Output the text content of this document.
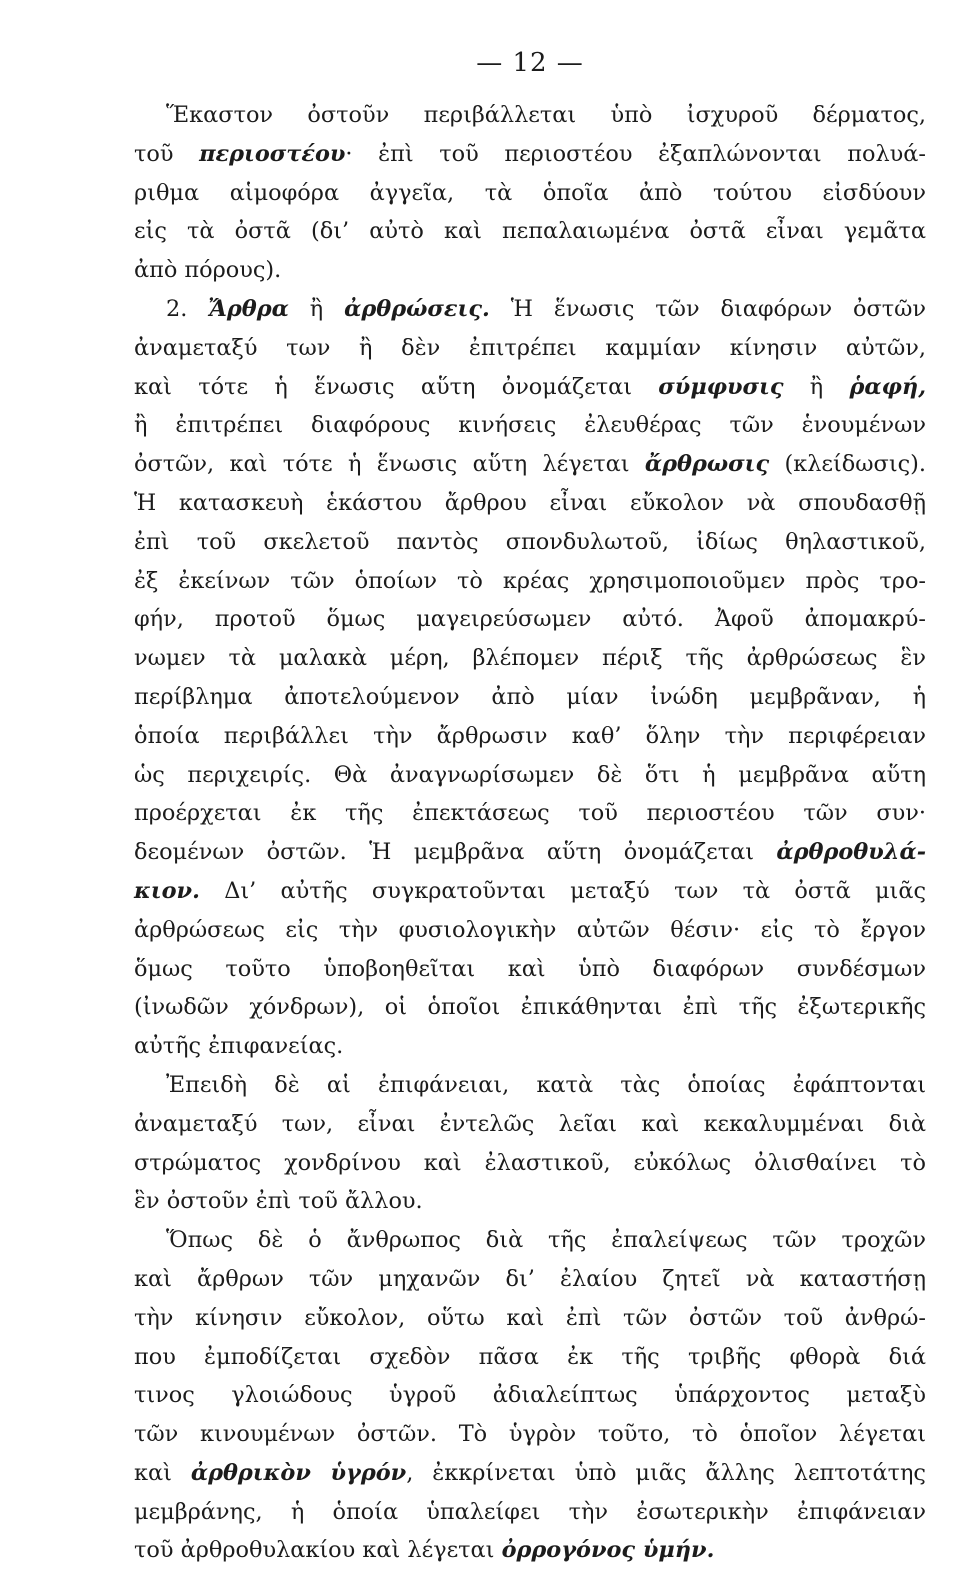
— 12 —
Ἕκαστον ὀστοῦν περιβάλλεται ὑπὸ ἰσχυροῦ δέρματος,
τοῦ περιοστέου· ἐπὶ τοῦ περιοστέου ἐξαπλώνονται πολυά-
ριθμα αἱμοφόρα ἀγγεῖα, τὰ ὁποῖα ἀπὸ τούτου εἰσδύουν
εἰς τὰ ὀστᾶ (δι’ αὐτὸ καὶ πεπαλαιωμένα ὀστᾶ εἶναι γεμᾶτα
ἀπὸ πόρους).
2. Ἄρθρα ἢ ἀρθρώσεις. Ἡ ἕνωσις τῶν διαφόρων ὀστῶν
ἀναμεταξύ των ἢ δὲν ἐπιτρέπει καμμίαν κίνησιν αὐτῶν,
καὶ τότε ἡ ἕνωσις αὕτη ὀνομάζεται σύμφυσις ἢ ῥαφή,
ἢ ἐπιτρέπει διαφόρους κινήσεις ἐλευθέρας τῶν ἑνουμένων
ὀστῶν, καὶ τότε ἡ ἕνωσις αὕτη λέγεται ἄρθρωσις (κλείδωσις).
Ἡ κατασκευὴ ἑκάστου ἄρθρου εἶναι εὔκολον νὰ σπουδασθῇ
ἐπὶ τοῦ σκελετοῦ παντὸς σπονδυλωτοῦ, ἰδίως θηλαστικοῦ,
ἐξ ἐκείνων τῶν ὁποίων τὸ κρέας χρησιμοποιοῦμεν πρὸς τρο-
φήν, προτοῦ ὅμως μαγειρεύσωμεν αὐτό. Ἀφοῦ ἀπομακρύ-
νωμεν τὰ μαλακὰ μέρη, βλέπομεν πέριξ τῆς ἀρθρώσεως ἓν
περίβλημα ἀποτελούμενον ἀπὸ μίαν ἰνώδη μεμβρᾶναν, ἡ
ὁποία περιβάλλει τὴν ἄρθρωσιν καθ’ ὅλην τὴν περιφέρειαν
ὡς περιχειρίς. Θὰ ἀναγνωρίσωμεν δὲ ὅτι ἡ μεμβρᾶνα αὕτη
προέρχεται ἐκ τῆς ἐπεκτάσεως τοῦ περιοστέου τῶν συν·
δεομένων ὀστῶν. Ἡ μεμβρᾶνα αὕτη ὀνομάζεται ἀρθροθυλά-
κιον. Δι’ αὐτῆς συγκρατοῦνται μεταξύ των τὰ ὀστᾶ μιᾶς
ἀρθρώσεως εἰς τὴν φυσιολογικὴν αὐτῶν θέσιν· εἰς τὸ ἔργον
ὅμως τοῦτο ὑποβοηθεῖται καὶ ὑπὸ διαφόρων συνδέσμων
(ἰνωδῶν χόνδρων), οἱ ὁποῖοι ἐπικάθηνται ἐπὶ τῆς ἐξωτερικῆς
αὐτῆς ἐπιφανείας.
Ἐπειδὴ δὲ αἱ ἐπιφάνειαι, κατὰ τὰς ὁποίας ἐφάπτονται
ἀναμεταξύ των, εἶναι ἐντελῶς λεῖαι καὶ κεκαλυμμέναι διὰ
στρώματος χονδρίνου καὶ ἐλαστικοῦ, εὐκόλως ὀλισθαίνει τὸ
ἓν ὀστοῦν ἐπὶ τοῦ ἄλλου.
Ὅπως δὲ ὁ ἄνθρωπος διὰ τῆς ἐπαλείψεως τῶν τροχῶν
καὶ ἄρθρων τῶν μηχανῶν δι’ ἐλαίου ζητεῖ νὰ καταστήσῃ
τὴν κίνησιν εὔκολον, οὕτω καὶ ἐπὶ τῶν ὀστῶν τοῦ ἀνθρώ-
που ἐμποδίζεται σχεδὸν πᾶσα ἐκ τῆς τριβῆς φθορὰ διά
τινος γλοιώδους ὑγροῦ ἀδιαλείπτως ὑπάρχοντος μεταξὺ
τῶν κινουμένων ὀστῶν. Τὸ ὑγρὸν τοῦτο, τὸ ὁποῖον λέγεται
καὶ ἀρθρικὸν ὑγρόν, ἐκκρίνεται ὑπὸ μιᾶς ἄλλης λεπτοτάτης
μεμβράνης, ἡ ὁποία ὑπαλείφει τὴν ἐσωτερικὴν ἐπιφάνειαν
τοῦ ἀρθροθυλακίου καὶ λέγεται ὀρρογόνος ὑμήν.
